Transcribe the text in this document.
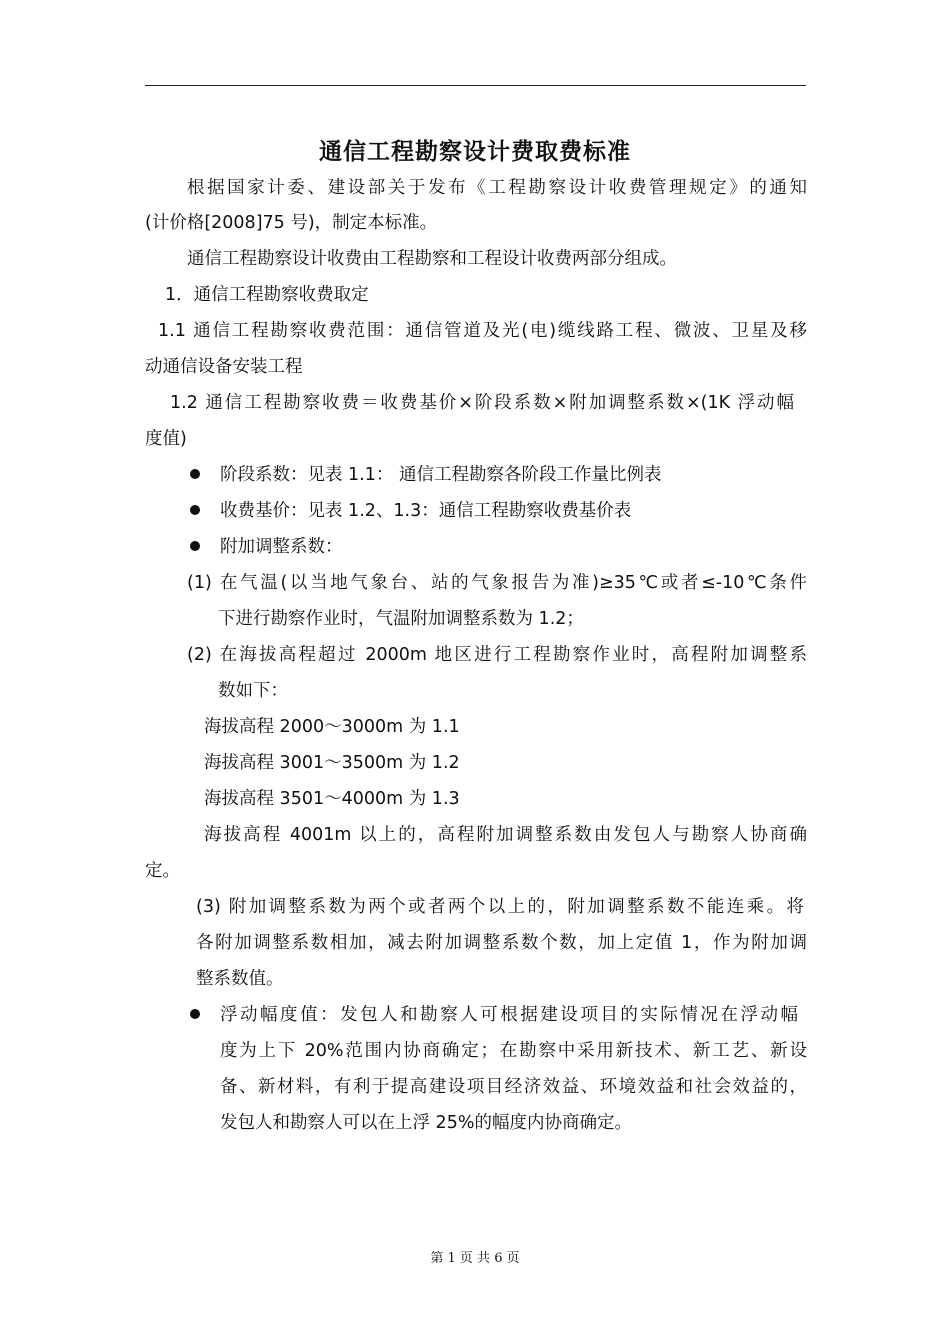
通信工程勘察设计费取费标准
根据国家计委、建设部关于发布《工程勘察设计收费管理规定》的通知
(计价格[2008]75 号)，制定本标准。
通信工程勘察设计收费由工程勘察和工程设计收费两部分组成。
1．通信工程勘察收费取定
1.1 通信工程勘察收费范围：通信管道及光(电)缆线路工程、微波、卫星及移
动通信设备安装工程
1.2 通信工程勘察收费＝收费基价×阶段系数×附加调整系数×(1K 浮动幅
度值)
阶段系数：见表 1.1： 通信工程勘察各阶段工作量比例表
收费基价：见表 1.2、1.3：通信工程勘察收费基价表
附加调整系数：
(1) 在气温(以当地气象台、站的气象报告为准)≥35℃或者≤-10℃条件
下进行勘察作业时，气温附加调整系数为 1.2；
(2) 在海拔高程超过 2000m 地区进行工程勘察作业时，高程附加调整系
数如下：
海拔高程 2000～3000m 为 1.1
海拔高程 3001～3500m 为 1.2
海拔高程 3501～4000m 为 1.3
海拔高程 4001m 以上的，高程附加调整系数由发包人与勘察人协商确
定。
(3) 附加调整系数为两个或者两个以上的，附加调整系数不能连乘。将
各附加调整系数相加，减去附加调整系数个数，加上定值 1，作为附加调
整系数值。
浮动幅度值：发包人和勘察人可根据建设项目的实际情况在浮动幅
度为上下 20%范围内协商确定；在勘察中采用新技术、新工艺、新设
备、新材料，有利于提高建设项目经济效益、环境效益和社会效益的，
发包人和勘察人可以在上浮 25%的幅度内协商确定。
第 1 页 共 6 页
